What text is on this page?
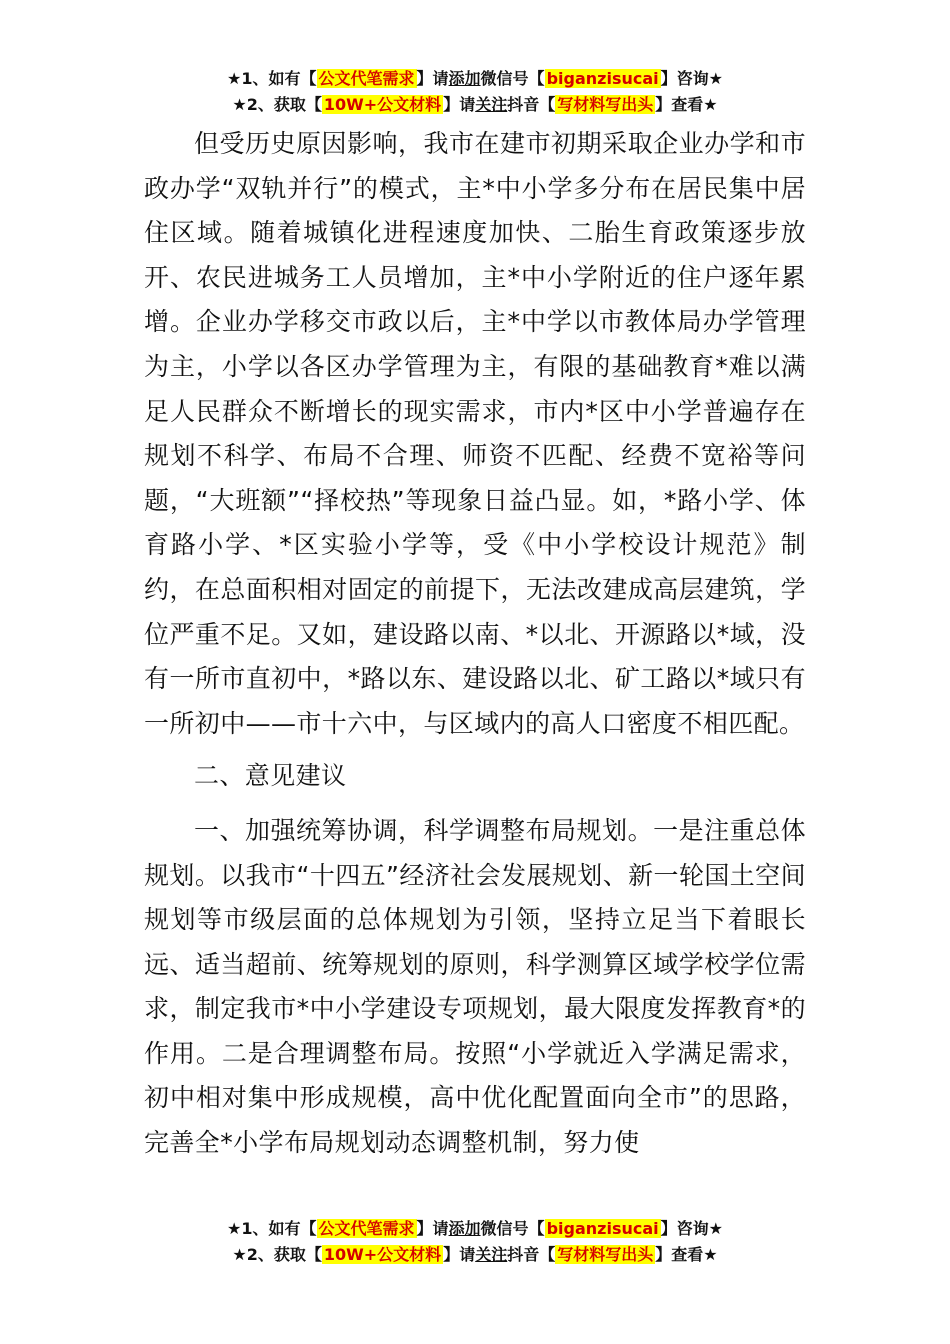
★1、如有【 公文代笔需求 】请添加微信号【 biganzisucai 】咨询★
★2、获取【 10W+公文材料 】请关注抖音【 写材料写出头 】查看★

但受历史原因影响，我市在建市初期采取企业办学和市政办学“双轨并行”的模式，主*中小学多分布在居民集中居住区域。随着城镇化进程速度加快、二胎生育政策逐步放开、农民进城务工人员增加，主*中小学附近的住户逐年累增。企业办学移交市政以后，主*中学以市教体局办学管理为主，小学以各区办学管理为主，有限的基础教育*难以满足人民群众不断增长的现实需求，市内*区中小学普遍存在规划不科学、布局不合理、师资不匹配、经费不宽裕等问题，“大班额”“择校热”等现象日益凸显。如，*路小学、体育路小学、*区实验小学等，受《中小学校设计规范》制约，在总面积相对固定的前提下，无法改建成高层建筑，学位严重不足。又如，建设路以南、*以北、开源路以*域，没有一所市直初中，*路以东、建设路以北、矿工路以*域只有一所初中——市十六中，与区域内的高人口密度不相匹配。

二、意见建议

一、加强统筹协调，科学调整布局规划。一是注重总体规划。以我市“十四五”经济社会发展规划、新一轮国土空间规划等市级层面的总体规划为引领，坚持立足当下着眼长远、适当超前、统筹规划的原则，科学测算区域学校学位需求，制定我市*中小学建设专项规划，最大限度发挥教育*的作用。二是合理调整布局。按照“小学就近入学满足需求，初中相对集中形成规模，高中优化配置面向全市”的思路，完善全*小学布局规划动态调整机制，努力使

★1、如有【 公文代笔需求 】请添加微信号【 biganzisucai 】咨询★
★2、获取【 10W+公文材料 】请关注抖音【 写材料写出头 】查看★
